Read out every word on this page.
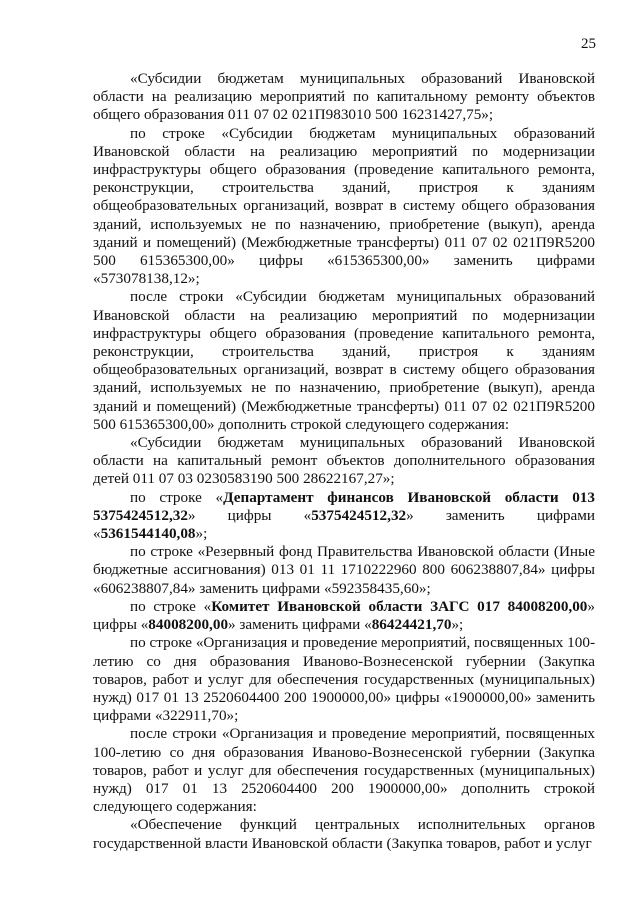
25

«Субсидии бюджетам муниципальных образований Ивановской области на реализацию мероприятий по капитальному ремонту объектов общего образования 011 07 02 021П983010 500 16231427,75»;

по строке «Субсидии бюджетам муниципальных образований Ивановской области на реализацию мероприятий по модернизации инфраструктуры общего образования (проведение капитального ремонта, реконструкции, строительства зданий, пристроя к зданиям общеобразовательных организаций, возврат в систему общего образования зданий, используемых не по назначению, приобретение (выкуп), аренда зданий и помещений) (Межбюджетные трансферты) 011 07 02 021П9R5200 500 615365300,00» цифры «615365300,00» заменить цифрами «573078138,12»;

после строки «Субсидии бюджетам муниципальных образований Ивановской области на реализацию мероприятий по модернизации инфраструктуры общего образования (проведение капитального ремонта, реконструкции, строительства зданий, пристроя к зданиям общеобразовательных организаций, возврат в систему общего образования зданий, используемых не по назначению, приобретение (выкуп), аренда зданий и помещений) (Межбюджетные трансферты) 011 07 02 021П9R5200 500 615365300,00» дополнить строкой следующего содержания:

«Субсидии бюджетам муниципальных образований Ивановской области на капитальный ремонт объектов дополнительного образования детей 011 07 03 0230583190 500 28622167,27»;

по строке «Департамент финансов Ивановской области 013 5375424512,32» цифры «5375424512,32» заменить цифрами «5361544140,08»;

по строке «Резервный фонд Правительства Ивановской области (Иные бюджетные ассигнования) 013 01 11 1710222960 800 606238807,84» цифры «606238807,84» заменить цифрами «592358435,60»;

по строке «Комитет Ивановской области ЗАГС 017 84008200,00» цифры «84008200,00» заменить цифрами «86424421,70»;

по строке «Организация и проведение мероприятий, посвященных 100-летию со дня образования Иваново-Вознесенской губернии (Закупка товаров, работ и услуг для обеспечения государственных (муниципальных) нужд) 017 01 13 2520604400 200 1900000,00» цифры «1900000,00» заменить цифрами «322911,70»;

после строки «Организация и проведение мероприятий, посвященных 100-летию со дня образования Иваново-Вознесенской губернии (Закупка товаров, работ и услуг для обеспечения государственных (муниципальных) нужд) 017 01 13 2520604400 200 1900000,00» дополнить строкой следующего содержания:

«Обеспечение функций центральных исполнительных органов государственной власти Ивановской области (Закупка товаров, работ и услуг
